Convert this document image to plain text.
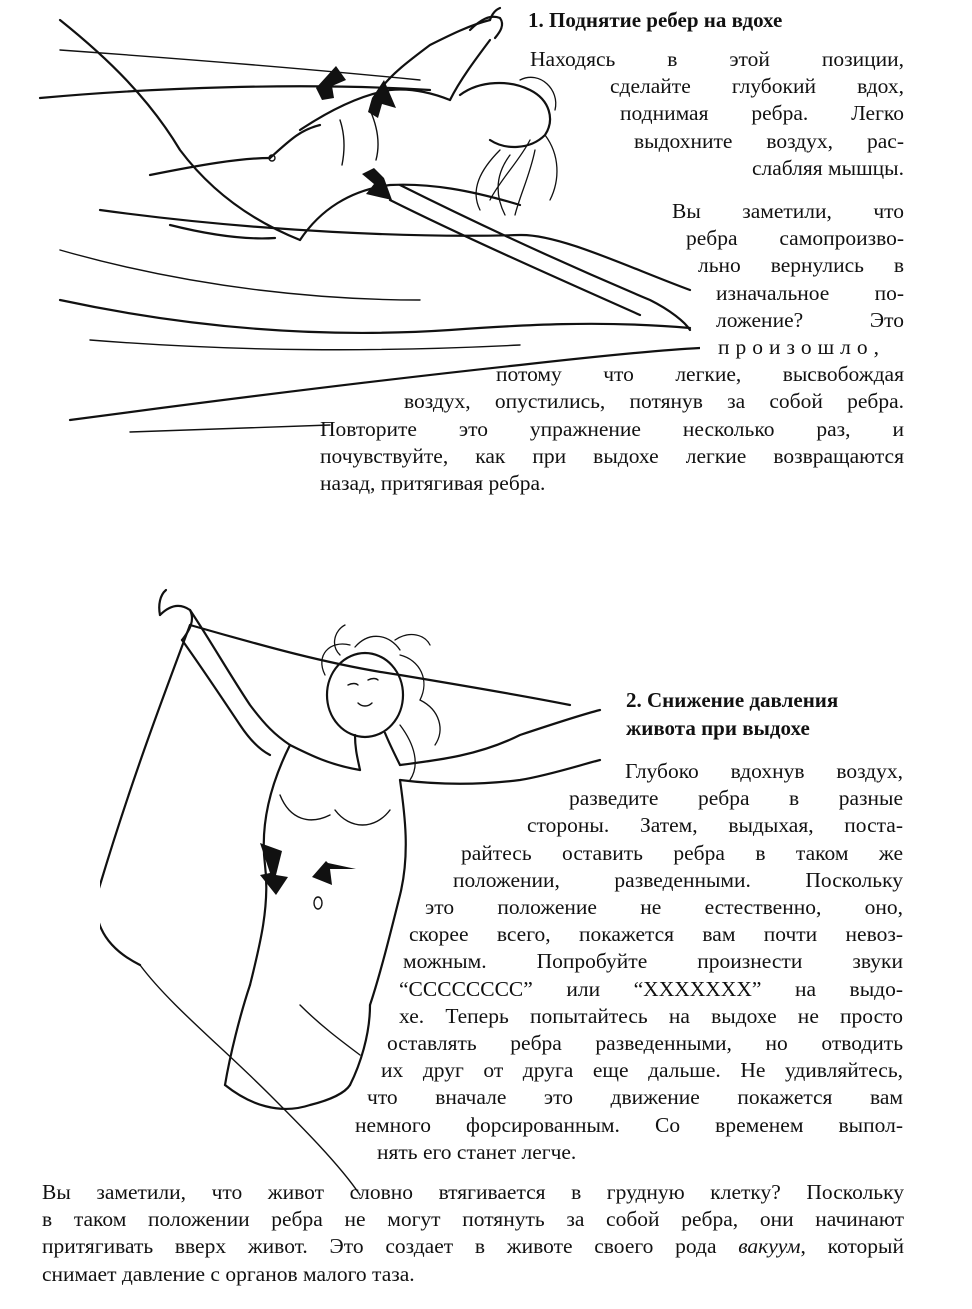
1. Поднятие ребер на вдохе

Находясь в этой позиции,
сделайте глубокий вдох,
поднимая ребра. Легко
выдохните воздух, рас-
слабляя мышцы.

Вы заметили, что
ребра самопроизво-
льно вернулись в
изначальное по-
ложение? Это
произошло,
потому что легкие, высвобождая
воздух, опустились, потянув за собой ребра.
Повторите это упражнение несколько раз, и
почувствуйте, как при выдохе легкие возвращаются
назад, притягивая ребра.

2. Снижение давления
живота при выдохе

Глубоко вдохнув воздух,
разведите ребра в разные
стороны. Затем, выдыхая, поста-
райтесь оставить ребра в таком же
положении, разведенными. Поскольку
это положение не естественно, оно,
скорее всего, покажется вам почти невоз-
можным. Попробуйте произнести звуки
“СССССССС” или “ХХХХХХХ” на выдо-
хе. Теперь попытайтесь на выдохе не просто
оставлять ребра разведенными, но отводить
их друг от друга еще дальше. Не удивляйтесь,
что вначале это движение покажется вам
немного форсированным. Со временем выпол-
нять его станет легче.

Вы заметили, что живот словно втягивается в грудную клетку? Поскольку
в таком положении ребра не могут потянуть за собой ребра, они начинают
притягивать вверх живот. Это создает в животе своего рода вакуум, который
снимает давление с органов малого таза.
